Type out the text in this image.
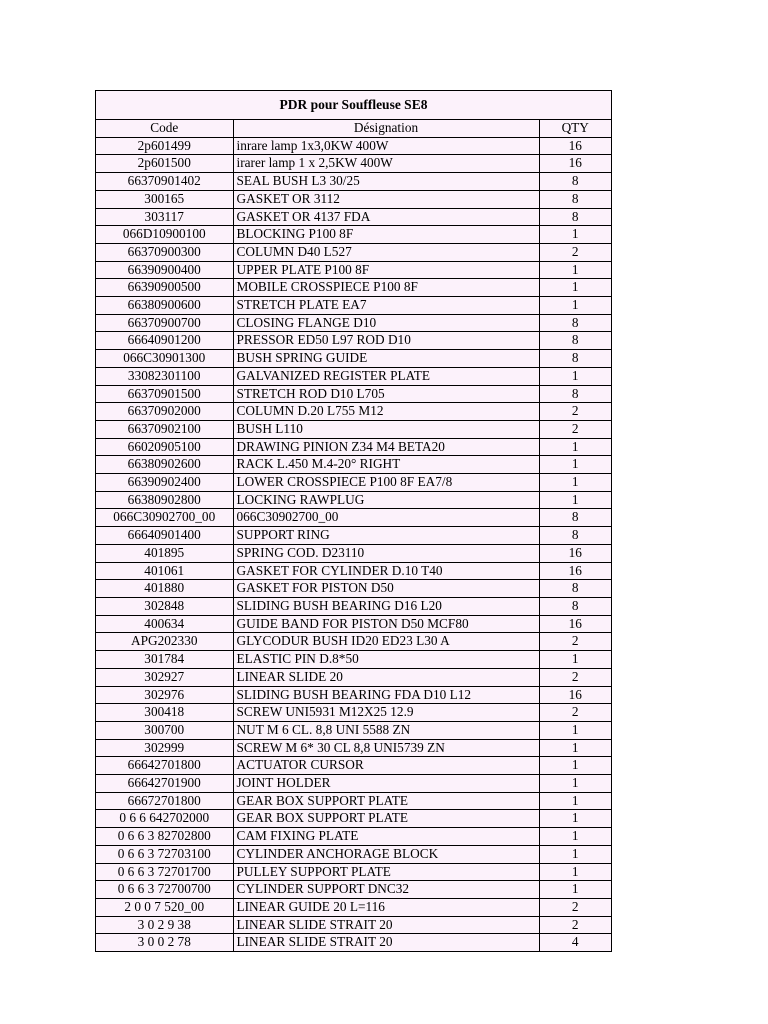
PDR pour Souffleuse SE8
Code	Désignation	QTY
2p601499	inrare lamp 1x3,0KW 400W	16
2p601500	irarer lamp 1 x 2,5KW 400W	16
66370901402	SEAL BUSH L3 30/25	8
300165	GASKET OR 3112	8
303117	GASKET OR 4137 FDA	8
066D10900100	BLOCKING P100 8F	1
66370900300	COLUMN D40 L527	2
66390900400	UPPER PLATE P100 8F	1
66390900500	MOBILE CROSSPIECE P100 8F	1
66380900600	STRETCH PLATE EA7	1
66370900700	CLOSING FLANGE D10	8
66640901200	PRESSOR ED50 L97 ROD D10	8
066C30901300	BUSH SPRING GUIDE	8
33082301100	GALVANIZED REGISTER PLATE	1
66370901500	STRETCH ROD D10 L705	8
66370902000	COLUMN D.20 L755 M12	2
66370902100	BUSH L110	2
66020905100	DRAWING PINION Z34 M4 BETA20	1
66380902600	RACK L.450 M.4-20° RIGHT	1
66390902400	LOWER CROSSPIECE P100 8F EA7/8	1
66380902800	LOCKING RAWPLUG	1
066C30902700_00	066C30902700_00	8
66640901400	SUPPORT RING	8
401895	SPRING COD. D23110	16
401061	GASKET FOR CYLINDER D.10 T40	16
401880	GASKET FOR PISTON D50	8
302848	SLIDING BUSH BEARING D16 L20	8
400634	GUIDE BAND FOR PISTON D50 MCF80	16
APG202330	GLYCODUR BUSH ID20 ED23 L30 A	2
301784	ELASTIC PIN D.8*50	1
302927	LINEAR SLIDE 20	2
302976	SLIDING BUSH BEARING FDA D10 L12	16
300418	SCREW UNI5931 M12X25 12.9	2
300700	NUT M 6 CL. 8,8 UNI 5588 ZN	1
302999	SCREW M 6* 30 CL 8,8 UNI5739 ZN	1
66642701800	ACTUATOR CURSOR	1
66642701900	JOINT HOLDER	1
66672701800	GEAR BOX SUPPORT PLATE	1
0 6 6 642702000	GEAR BOX SUPPORT PLATE	1
0 6 6 3 82702800	CAM FIXING PLATE	1
0 6 6 3 72703100	CYLINDER ANCHORAGE BLOCK	1
0 6 6 3 72701700	PULLEY SUPPORT PLATE	1
0 6 6 3 72700700	CYLINDER SUPPORT DNC32	1
2 0 0 7 520_00	LINEAR GUIDE 20 L=116	2
3 0 2 9 38	LINEAR SLIDE STRAIT 20	2
3 0 0 2 78	LINEAR SLIDE STRAIT 20	4
